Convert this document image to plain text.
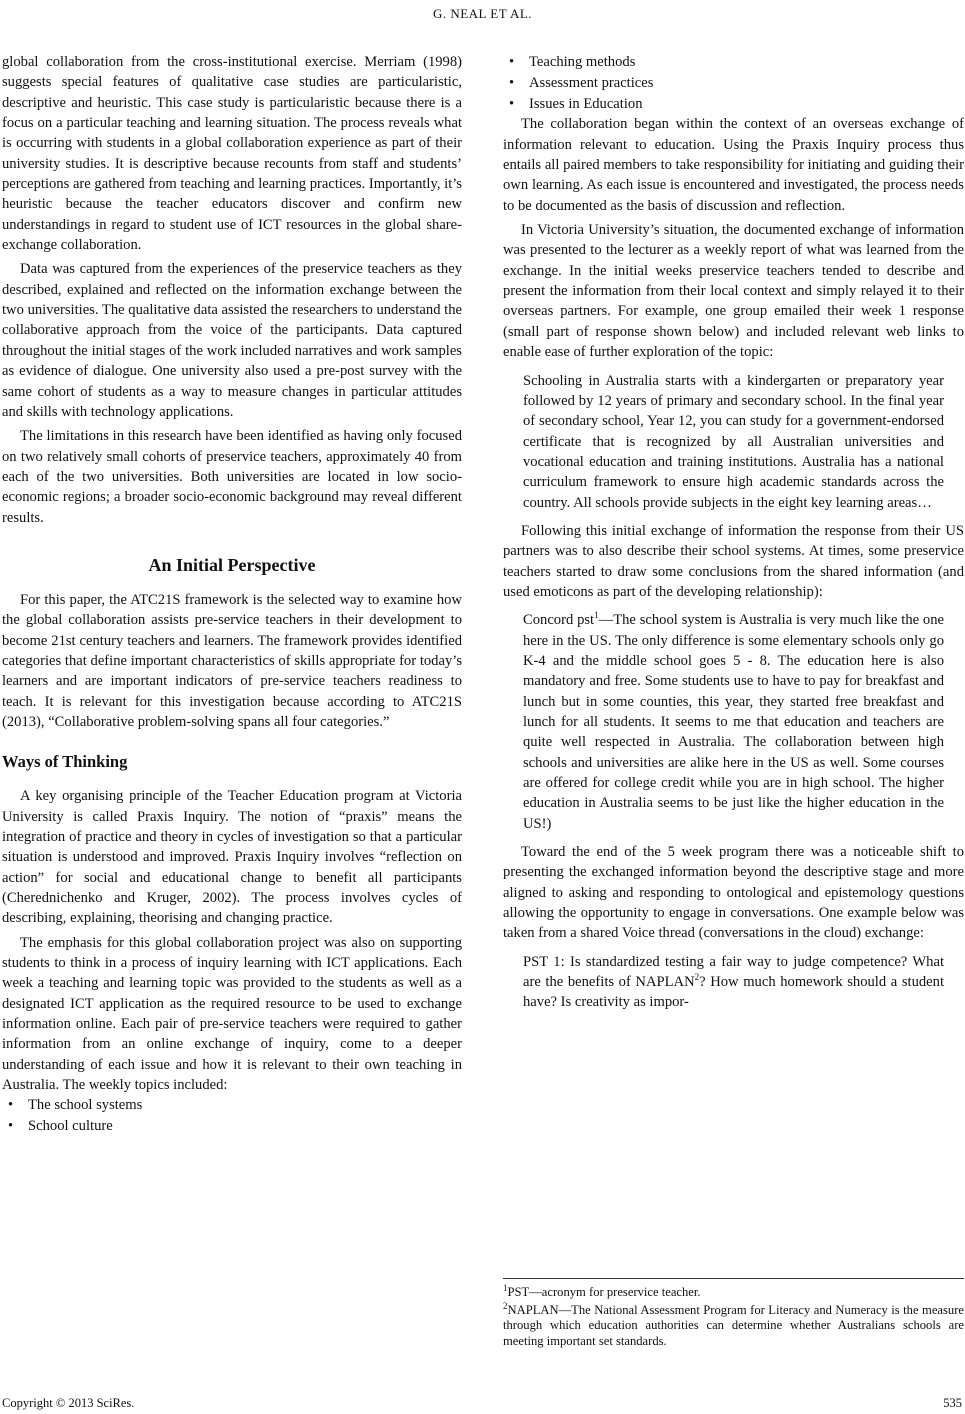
G. NEAL ET AL.

global collaboration from the cross-institutional exercise. Merriam (1998) suggests special features of qualitative case studies are particularistic, descriptive and heuristic. This case study is particularistic because there is a focus on a particular teaching and learning situation. The process reveals what is occurring with students in a global collaboration experience as part of their university studies. It is descriptive because recounts from staff and students’ perceptions are gathered from teaching and learning practices. Importantly, it’s heuristic because the teacher educators discover and confirm new understandings in regard to student use of ICT resources in the global share-exchange collaboration.

Data was captured from the experiences of the preservice teachers as they described, explained and reflected on the information exchange between the two universities. The qualitative data assisted the researchers to understand the collaborative approach from the voice of the participants. Data captured throughout the initial stages of the work included narratives and work samples as evidence of dialogue. One university also used a pre-post survey with the same cohort of students as a way to measure changes in particular attitudes and skills with technology applications.

The limitations in this research have been identified as having only focused on two relatively small cohorts of preservice teachers, approximately 40 from each of the two universities. Both universities are located in low socio-economic regions; a broader socio-economic background may reveal different results.

An Initial Perspective

For this paper, the ATC21S framework is the selected way to examine how the global collaboration assists pre-service teachers in their development to become 21st century teachers and learners. The framework provides identified categories that define important characteristics of skills appropriate for today’s learners and are important indicators of pre-service teachers readiness to teach. It is relevant for this investigation because according to ATC21S (2013), “Collaborative problem-solving spans all four categories.”

Ways of Thinking

A key organising principle of the Teacher Education program at Victoria University is called Praxis Inquiry. The notion of “praxis” means the integration of practice and theory in cycles of investigation so that a particular situation is understood and improved. Praxis Inquiry involves “reflection on action” for social and educational change to benefit all participants (Cherednichenko and Kruger, 2002). The process involves cycles of describing, explaining, theorising and changing practice.

The emphasis for this global collaboration project was also on supporting students to think in a process of inquiry learning with ICT applications. Each week a teaching and learning topic was provided to the students as well as a designated ICT application as the required resource to be used to exchange information online. Each pair of pre-service teachers were required to gather information from an online exchange of inquiry, come to a deeper understanding of each issue and how it is relevant to their own teaching in Australia. The weekly topics included:

• The school systems
• School culture
• Teaching methods
• Assessment practices
• Issues in Education

The collaboration began within the context of an overseas exchange of information relevant to education. Using the Praxis Inquiry process thus entails all paired members to take responsibility for initiating and guiding their own learning. As each issue is encountered and investigated, the process needs to be documented as the basis of discussion and reflection.

In Victoria University’s situation, the documented exchange of information was presented to the lecturer as a weekly report of what was learned from the exchange. In the initial weeks preservice teachers tended to describe and present the information from their local context and simply relayed it to their overseas partners. For example, one group emailed their week 1 response (small part of response shown below) and included relevant web links to enable ease of further exploration of the topic:

Schooling in Australia starts with a kindergarten or preparatory year followed by 12 years of primary and secondary school. In the final year of secondary school, Year 12, you can study for a government-endorsed certificate that is recognized by all Australian universities and vocational education and training institutions. Australia has a national curriculum framework to ensure high academic standards across the country. All schools provide subjects in the eight key learning areas…

Following this initial exchange of information the response from their US partners was to also describe their school systems. At times, some preservice teachers started to draw some conclusions from the shared information (and used emoticons as part of the developing relationship):

Concord pst$^1$—The school system is Australia is very much like the one here in the US. The only difference is some elementary schools only go K-4 and the middle school goes 5 - 8. The education here is also mandatory and free. Some students use to have to pay for breakfast and lunch but in some counties, this year, they started free breakfast and lunch for all students. It seems to me that education and teachers are quite well respected in Australia. The collaboration between high schools and universities are alike here in the US as well. Some courses are offered for college credit while you are in high school. The higher education in Australia seems to be just like the higher education in the US!)

Toward the end of the 5 week program there was a noticeable shift to presenting the exchanged information beyond the descriptive stage and more aligned to asking and responding to ontological and epistemology questions allowing the opportunity to engage in conversations. One example below was taken from a shared Voice thread (conversations in the cloud) exchange:

PST 1: Is standardized testing a fair way to judge competence? What are the benefits of NAPLAN$^2$? How much homework should a student have? Is creativity as impor-

$^1$PST—acronym for preservice teacher.

$^2$NAPLAN—The National Assessment Program for Literacy and Numeracy is the measure through which education authorities can determine whether Australians schools are meeting important set standards.

Copyright © 2013 SciRes.	535
